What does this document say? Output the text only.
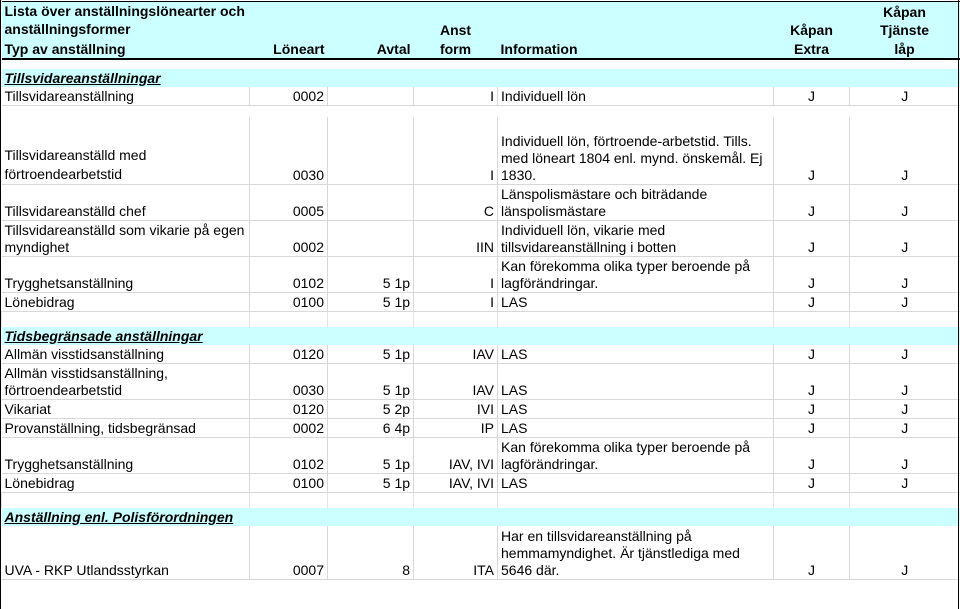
Lista över anställningslönearter och anställningsformer						Kåpan
			Anst		Kåpan	Tjänste
Typ av anställning	Löneart	Avtal	form	Information	Extra	låp

Tillsvidareanställningar						
Tillsvidareanställning	0002		I	Individuell lön	J	J

Tillsvidareanställd med förtroendearbetstid	0030		I	Individuell lön, förtroende-arbetstid. Tills. med löneart 1804 enl. mynd. önskemål. Ej 1830.	J	J
Tillsvidareanställd chef	0005		C	Länspolismästare och biträdande länspolismästare	J	J
Tillsvidareanställd som vikarie på egen myndighet	0002		IIN	Individuell lön, vikarie med tillsvidareanställning i botten	J	J
Trygghetsanställning	0102	5 1p	I	Kan förekomma olika typer beroende på lagförändringar.	J	J
Lönebidrag	0100	5 1p	I	LAS	J	J

Tidsbegränsade anställningar						
Allmän visstidsanställning	0120	5 1p	IAV	LAS	J	J
Allmän visstidsanställning, förtroendearbetstid	0030	5 1p	IAV	LAS	J	J
Vikariat	0120	5 2p	IVI	LAS	J	J
Provanställning, tidsbegränsad	0002	6 4p	IP	LAS	J	J
Trygghetsanställning	0102	5 1p	IAV, IVI	Kan förekomma olika typer beroende på lagförändringar.	J	J
Lönebidrag	0100	5 1p	IAV, IVI	LAS	J	J

Anställning enl. Polisförordningen						
UVA - RKP Utlandsstyrkan	0007	8	ITA	Har en tillsvidareanställning på hemmamyndighet. Är tjänstlediga med 5646 där.	J	J
